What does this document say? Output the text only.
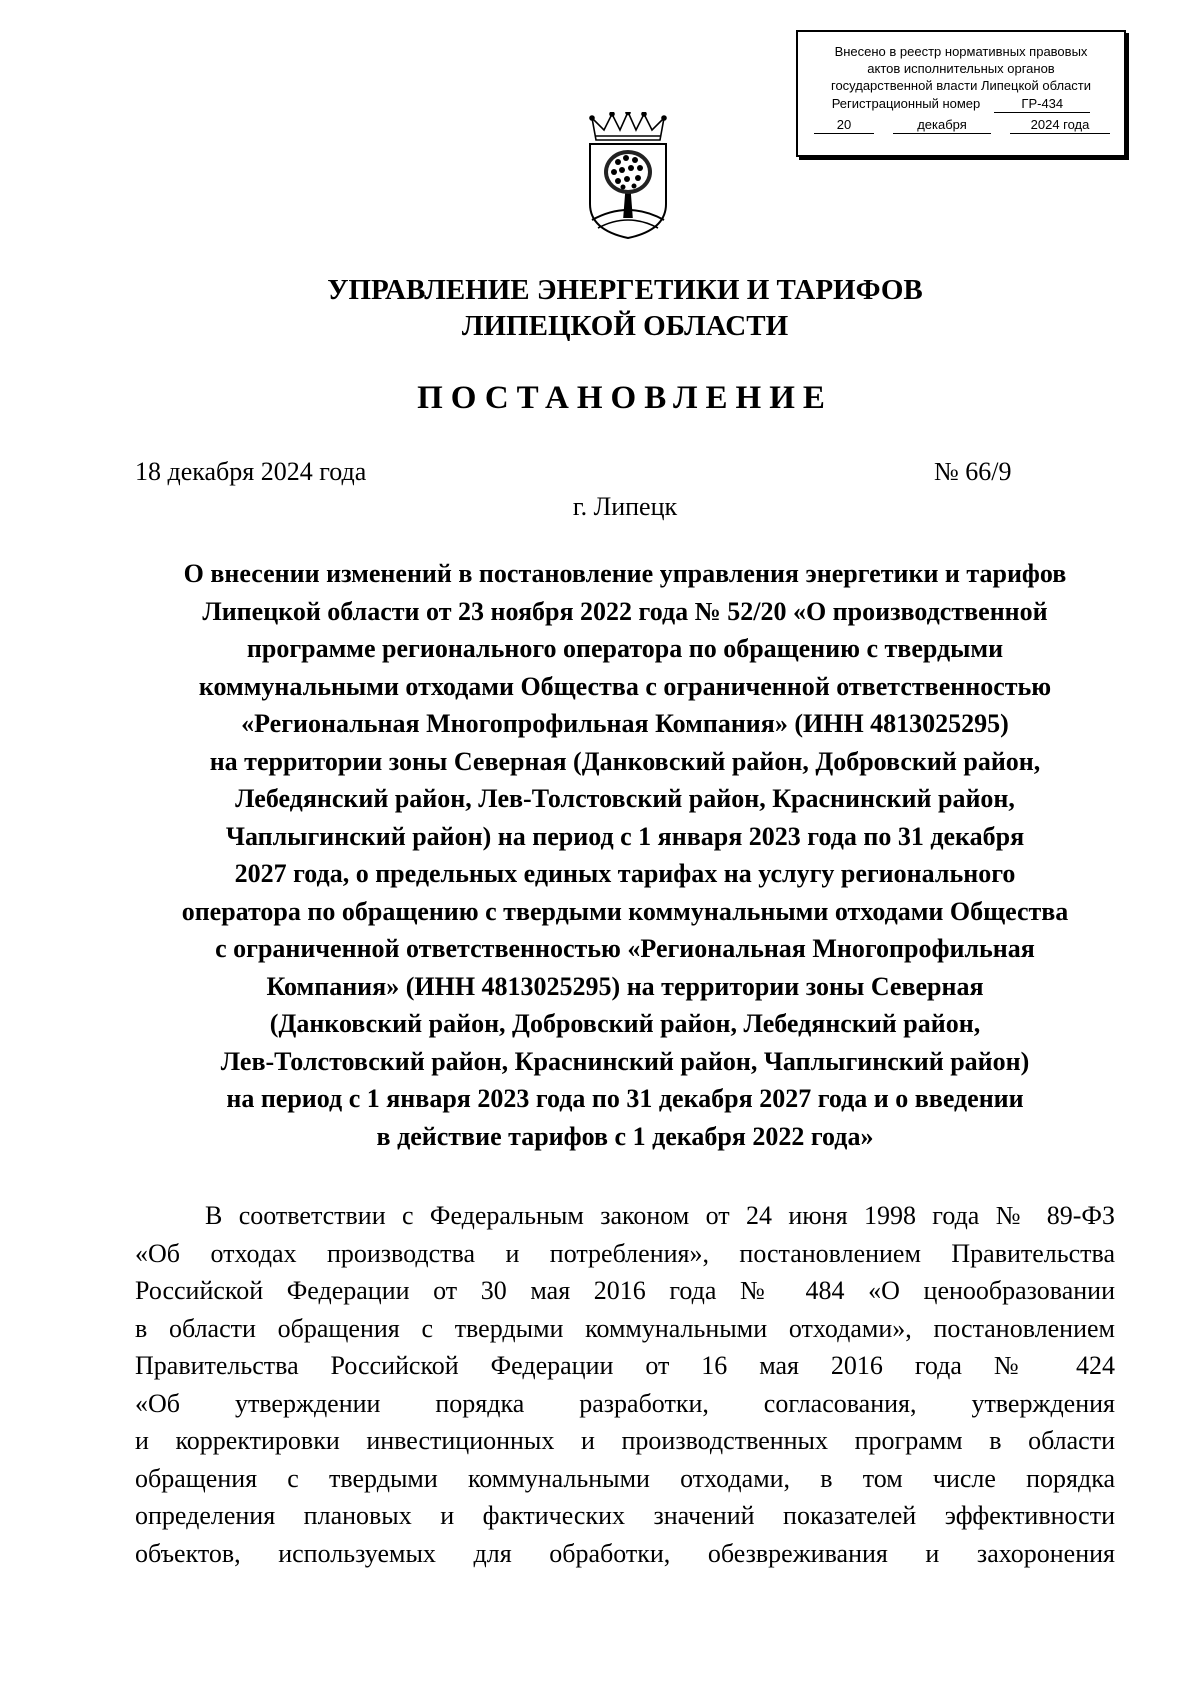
Внесено в реестр нормативных правовых
актов исполнительных органов
государственной власти Липецкой области
Регистрационный номер	ГР-434
20	декабря	2024 года
УПРАВЛЕНИЕ ЭНЕРГЕТИКИ И ТАРИФОВ
ЛИПЕЦКОЙ ОБЛАСТИ
ПОСТАНОВЛЕНИЕ
18 декабря 2024 года	№ 66/9
г. Липецк
О внесении изменений в постановление управления энергетики и тарифов
Липецкой области от 23 ноября 2022 года № 52/20 «О производственной
программе регионального оператора по обращению с твердыми
коммунальными отходами Общества с ограниченной ответственностью
«Региональная Многопрофильная Компания» (ИНН 4813025295)
на территории зоны Северная (Данковский район, Добровский район,
Лебедянский район, Лев-Толстовский район, Краснинский район,
Чаплыгинский район) на период с 1 января 2023 года по 31 декабря
2027 года, о предельных единых тарифах на услугу регионального
оператора по обращению с твердыми коммунальными отходами Общества
с ограниченной ответственностью «Региональная Многопрофильная
Компания» (ИНН 4813025295) на территории зоны Северная
(Данковский район, Добровский район, Лебедянский район,
Лев-Толстовский район, Краснинский район, Чаплыгинский район)
на период с 1 января 2023 года по 31 декабря 2027 года и о введении
в действие тарифов с 1 декабря 2022 года»
В соответствии с Федеральным законом от 24 июня 1998 года № 89-ФЗ
«Об отходах производства и потребления», постановлением Правительства
Российской Федерации от 30 мая 2016 года № 484 «О ценообразовании
в области обращения с твердыми коммунальными отходами», постановлением
Правительства Российской Федерации от 16 мая 2016 года № 424
«Об утверждении порядка разработки, согласования, утверждения
и корректировки инвестиционных и производственных программ в области
обращения с твердыми коммунальными отходами, в том числе порядка
определения плановых и фактических значений показателей эффективности
объектов, используемых для обработки, обезвреживания и захоронения
